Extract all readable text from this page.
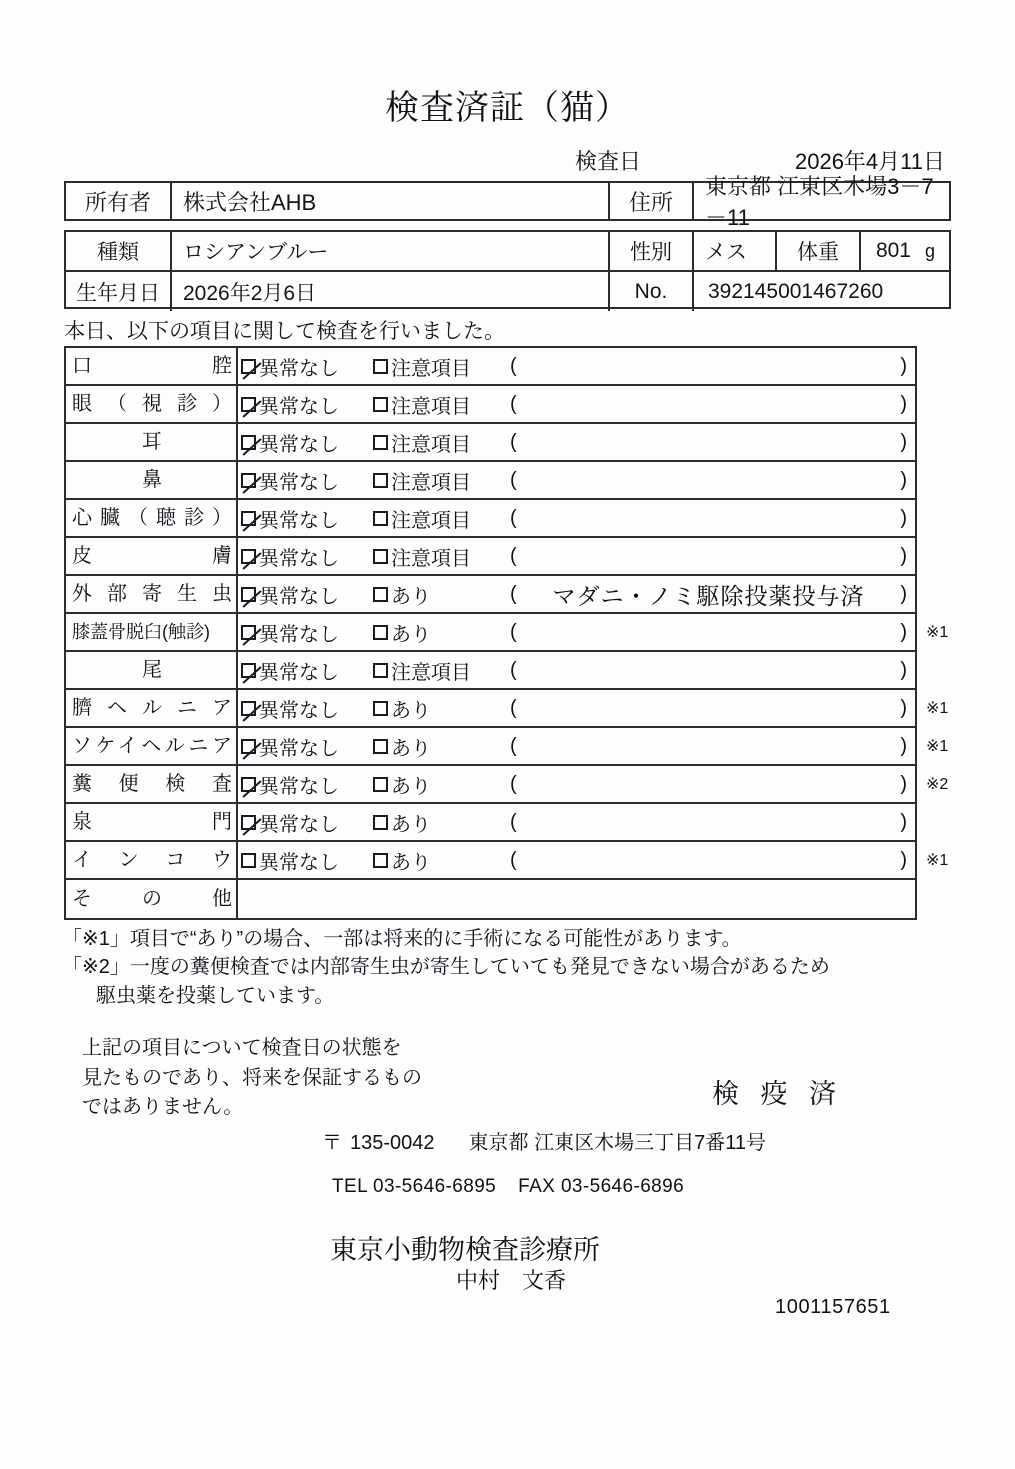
検査済証（猫）
検査日	2026年4月11日
所有者	株式会社AHB	住所
東京都 江東区木場3－7－11
種類	ロシアンブルー	性別	メス	体重	801 g
生年月日	2026年2月6日	No.	392145001467260
本日、以下の項目に関して検査を行いました。
口腔 異常なし	注意項目 (	)
眼（視診） 異常なし	注意項目 (	)
耳	異常なし	注意項目 (	)
鼻	異常なし	注意項目 (	)
心臓（聴診） 異常なし	注意項目 (	)
皮膚 異常なし	注意項目 (	)
外部寄生虫 異常なし	あり	(	マダニ・ノミ駆除投薬投与済	)
膝蓋骨脱臼(触診)	異常なし	あり	(	) ※1
尾	異常なし	注意項目 (	)
臍ヘルニア 異常なし	あり	(	) ※1
ソケイヘルニア 異常なし	あり	(	) ※1
糞便検査 異常なし	あり	(	) ※2
泉門 異常なし	あり	(	)
インコウ 異常なし	あり	(	) ※1
その他
「※1」項目で“あり”の場合、一部は将来的に手術になる可能性があります。
「※2」一度の糞便検査では内部寄生虫が寄生していても発見できない場合があるため
駆虫薬を投薬しています。
上記の項目について検査日の状態を
見たものであり、将来を保証するもの
ではありません。	検 疫 済
〒 135-0042 東京都 江東区木場三丁目7番11号
TEL 03-5646-6895 FAX 03-5646-6896
東京小動物検査診療所
中村　文香
1001157651
